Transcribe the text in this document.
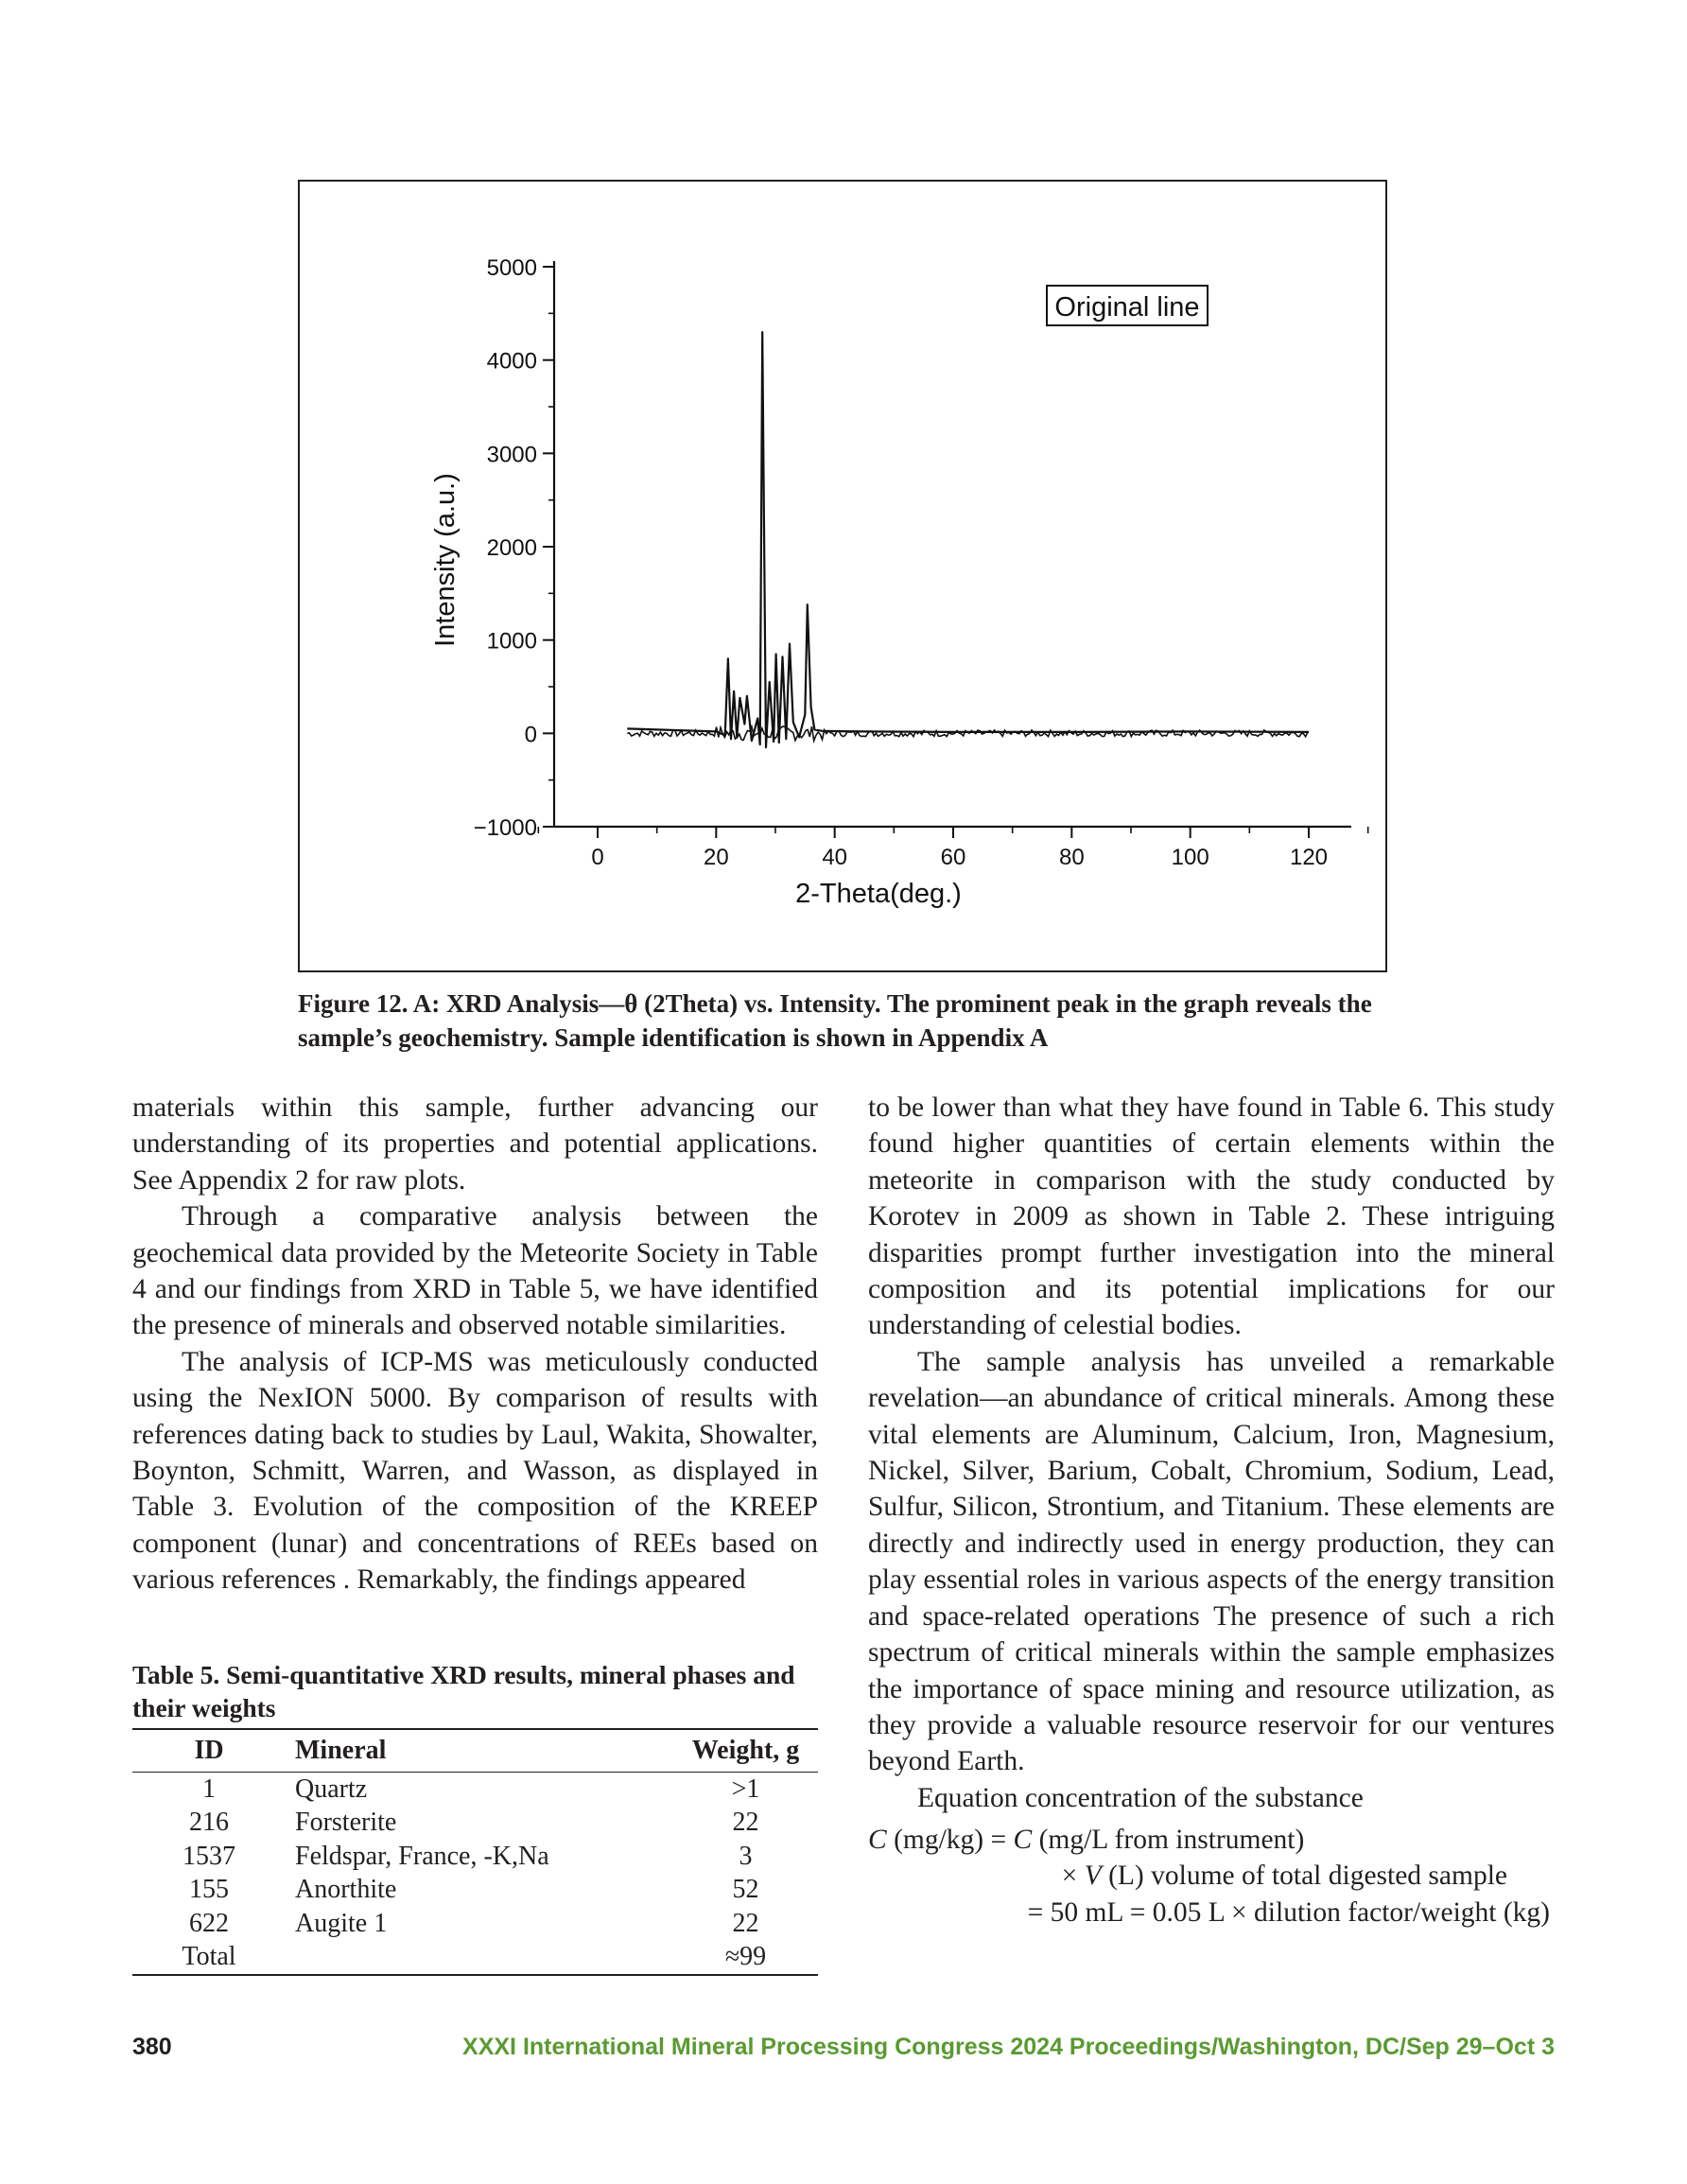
−1000
0
1000
2000
3000
4000
5000
0	20	40	60	80	100	120
Original line
2-Theta(deg.)
Intensity (a.u.)
Figure 12. A: XRD Analysis—θ (2Theta) vs. Intensity. The prominent peak in the graph reveals the sample’s geochemistry. Sample identification is shown in Appendix A

materials within this sample, further advancing our understanding of its properties and potential applications. See Appendix 2 for raw plots.

Through a comparative analysis between the geochemical data provided by the Meteorite Society in Table 4 and our findings from XRD in Table 5, we have identified the presence of minerals and observed notable similarities.

The analysis of ICP-MS was meticulously conducted using the NexION 5000. By comparison of results with references dating back to studies by Laul, Wakita, Showalter, Boynton, Schmitt, Warren, and Wasson, as displayed in Table 3. Evolution of the composition of the KREEP component (lunar) and concentrations of REEs based on various references . Remarkably, the findings appeared

Table 5. Semi-quantitative XRD results, mineral phases and their weights

ID	Mineral	Weight, g
1	Quartz	>1
216	Forsterite	22
1537	Feldspar, France, -K,Na	3
155	Anorthite	52
622	Augite 1	22
Total		≈99

to be lower than what they have found in Table 6. This study found higher quantities of certain elements within the meteorite in comparison with the study conducted by Korotev in 2009 as shown in Table 2. These intriguing disparities prompt further investigation into the mineral composition and its potential implications for our understanding of celestial bodies.

The sample analysis has unveiled a remarkable revelation—an abundance of critical minerals. Among these vital elements are Aluminum, Calcium, Iron, Magnesium, Nickel, Silver, Barium, Cobalt, Chromium, Sodium, Lead, Sulfur, Silicon, Strontium, and Titanium. These elements are directly and indirectly used in energy production, they can play essential roles in various aspects of the energy transition and space-related operations The presence of such a rich spectrum of critical minerals within the sample emphasizes the importance of space mining and resource utilization, as they provide a valuable resource reservoir for our ventures beyond Earth.

Equation concentration of the substance

C (mg/kg) = C (mg/L from instrument)
× V (L) volume of total digested sample
= 50 mL = 0.05 L × dilution factor/weight (kg)
380	XXXI International Mineral Processing Congress 2024 Proceedings/Washington, DC/Sep 29–Oct 3
